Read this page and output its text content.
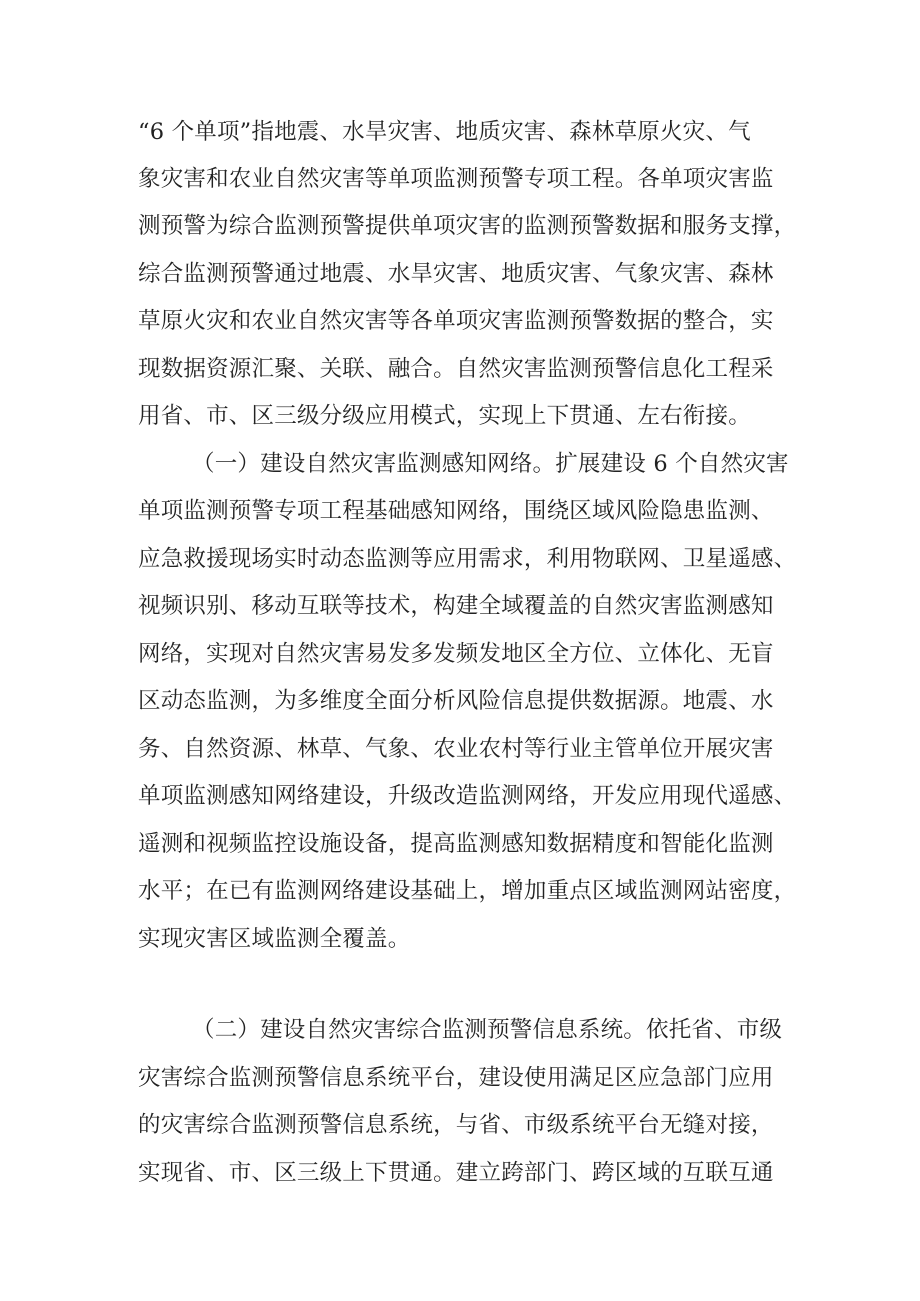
“6 个单项”指地震、水旱灾害、地质灾害、森林草原火灾、气
象灾害和农业自然灾害等单项监测预警专项工程。各单项灾害监
测预警为综合监测预警提供单项灾害的监测预警数据和服务支撑，
综合监测预警通过地震、水旱灾害、地质灾害、气象灾害、森林
草原火灾和农业自然灾害等各单项灾害监测预警数据的整合，实
现数据资源汇聚、关联、融合。自然灾害监测预警信息化工程采
用省、市、区三级分级应用模式，实现上下贯通、左右衔接。
（一）建设自然灾害监测感知网络。扩展建设 6 个自然灾害
单项监测预警专项工程基础感知网络，围绕区域风险隐患监测、
应急救援现场实时动态监测等应用需求，利用物联网、卫星遥感、
视频识别、移动互联等技术，构建全域覆盖的自然灾害监测感知
网络，实现对自然灾害易发多发频发地区全方位、立体化、无盲
区动态监测，为多维度全面分析风险信息提供数据源。地震、水
务、自然资源、林草、气象、农业农村等行业主管单位开展灾害
单项监测感知网络建设，升级改造监测网络，开发应用现代遥感、
遥测和视频监控设施设备，提高监测感知数据精度和智能化监测
水平；在已有监测网络建设基础上，增加重点区域监测网站密度，
实现灾害区域监测全覆盖。
（二）建设自然灾害综合监测预警信息系统。依托省、市级
灾害综合监测预警信息系统平台，建设使用满足区应急部门应用
的灾害综合监测预警信息系统，与省、市级系统平台无缝对接，
实现省、市、区三级上下贯通。建立跨部门、跨区域的互联互通
